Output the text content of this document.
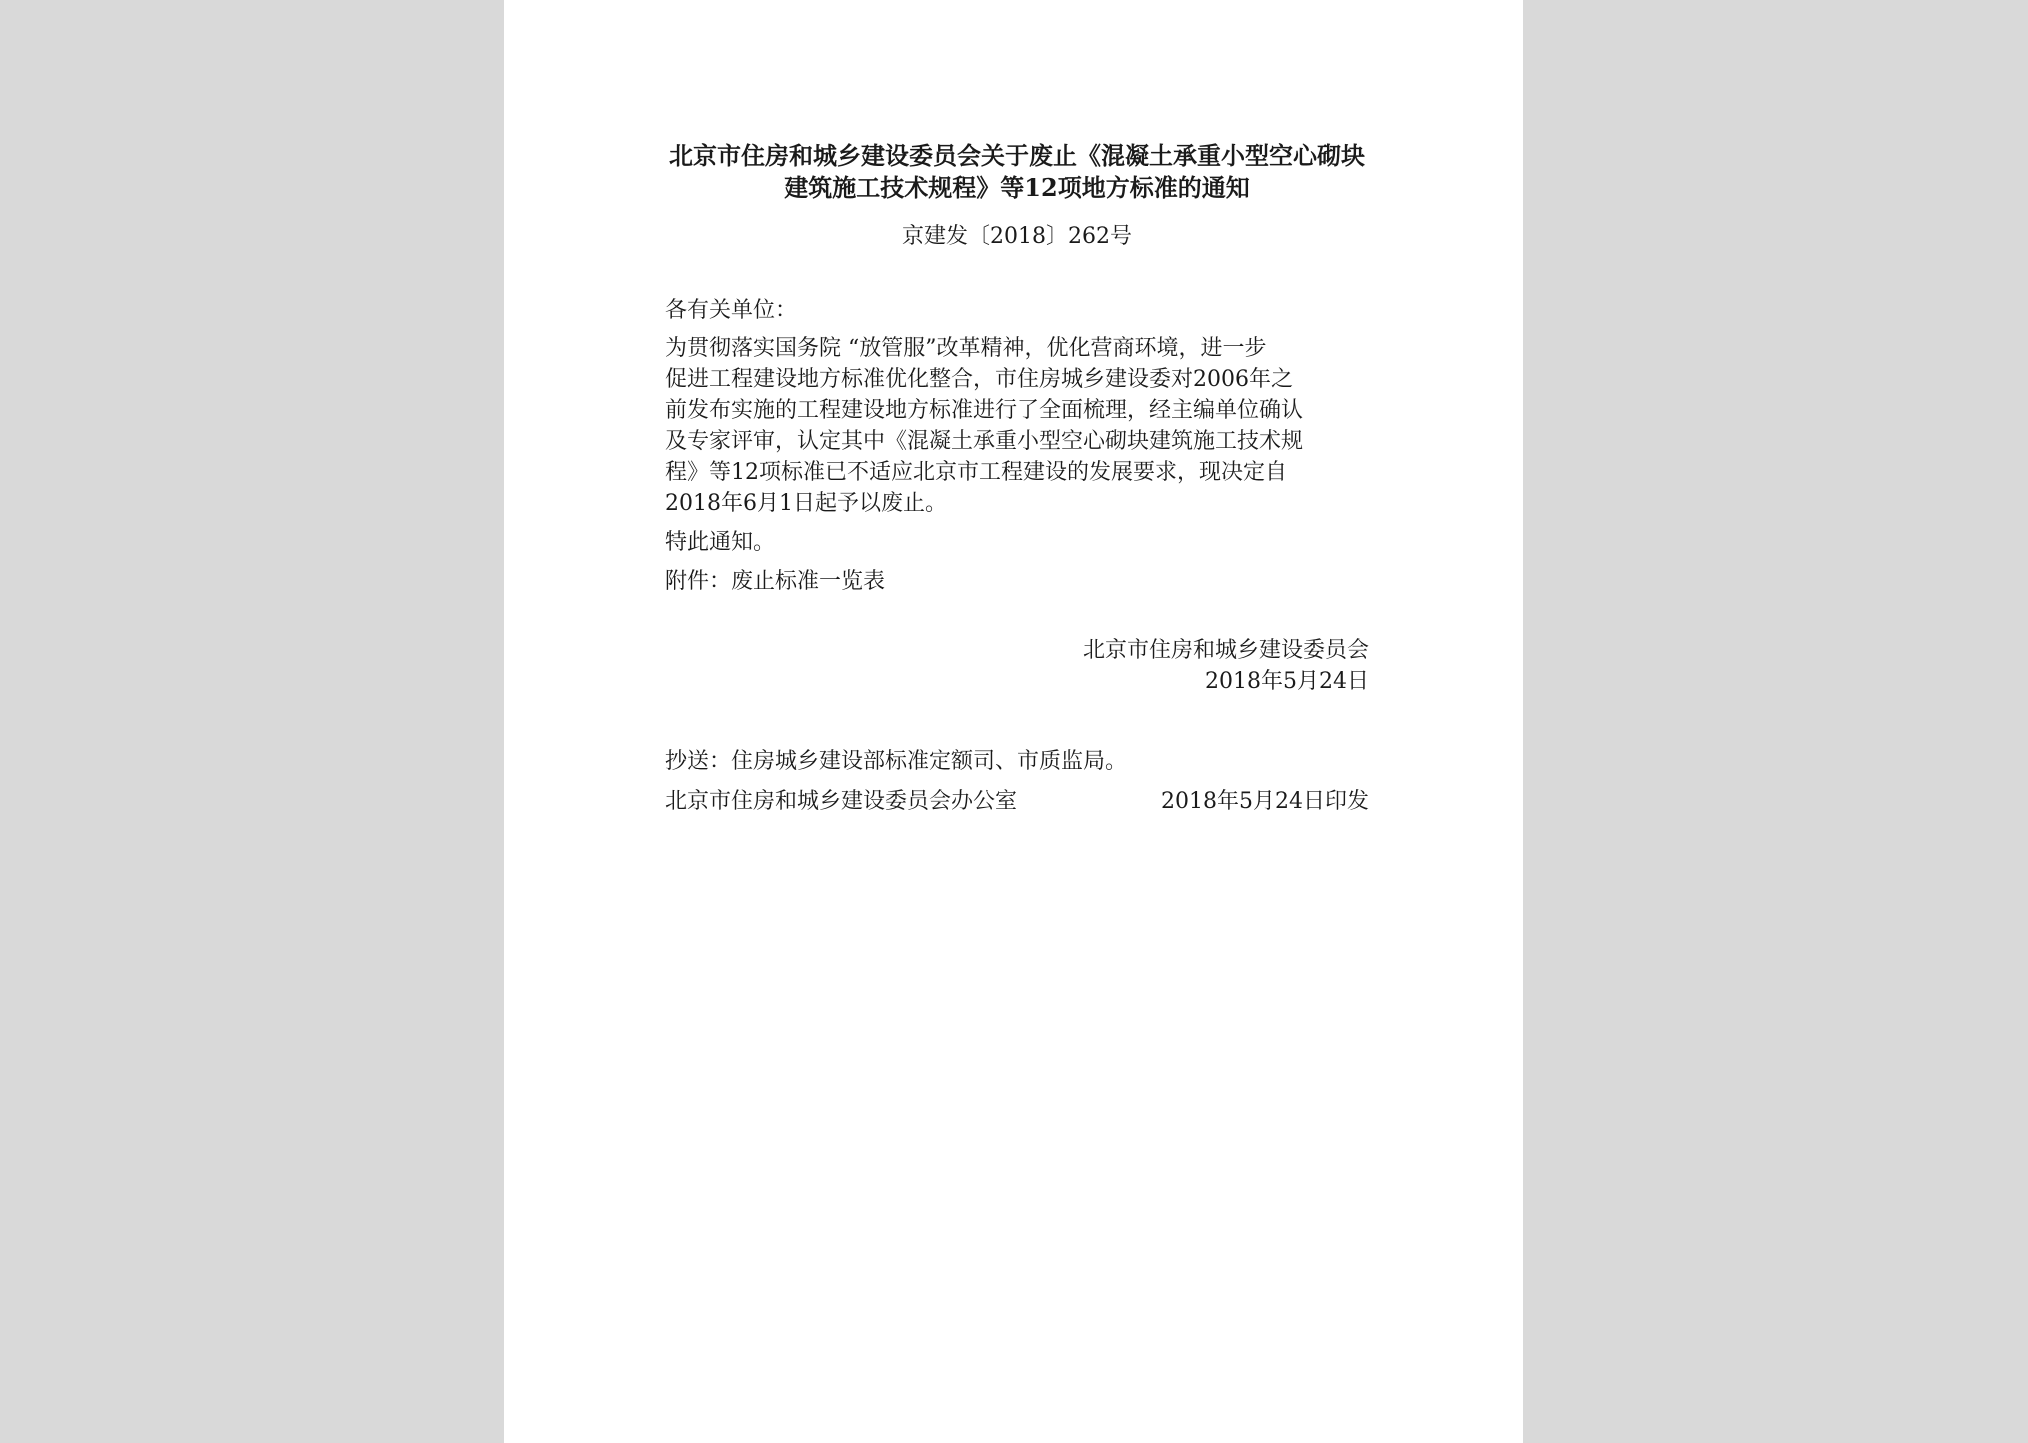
北京市住房和城乡建设委员会关于废止《混凝土承重小型空心砌块
建筑施工技术规程》等12项地方标准的通知
京建发〔2018〕262号
各有关单位：
为贯彻落实国务院 “放管服”改革精神，优化营商环境，进一步
促进工程建设地方标准优化整合，市住房城乡建设委对2006年之
前发布实施的工程建设地方标准进行了全面梳理，经主编单位确认
及专家评审，认定其中《混凝土承重小型空心砌块建筑施工技术规
程》等12项标准已不适应北京市工程建设的发展要求，现决定自
2018年6月1日起予以废止。
特此通知。
附件：废止标准一览表
北京市住房和城乡建设委员会
2018年5月24日
抄送：住房城乡建设部标准定额司、市质监局。
北京市住房和城乡建设委员会办公室	2018年5月24日印发
